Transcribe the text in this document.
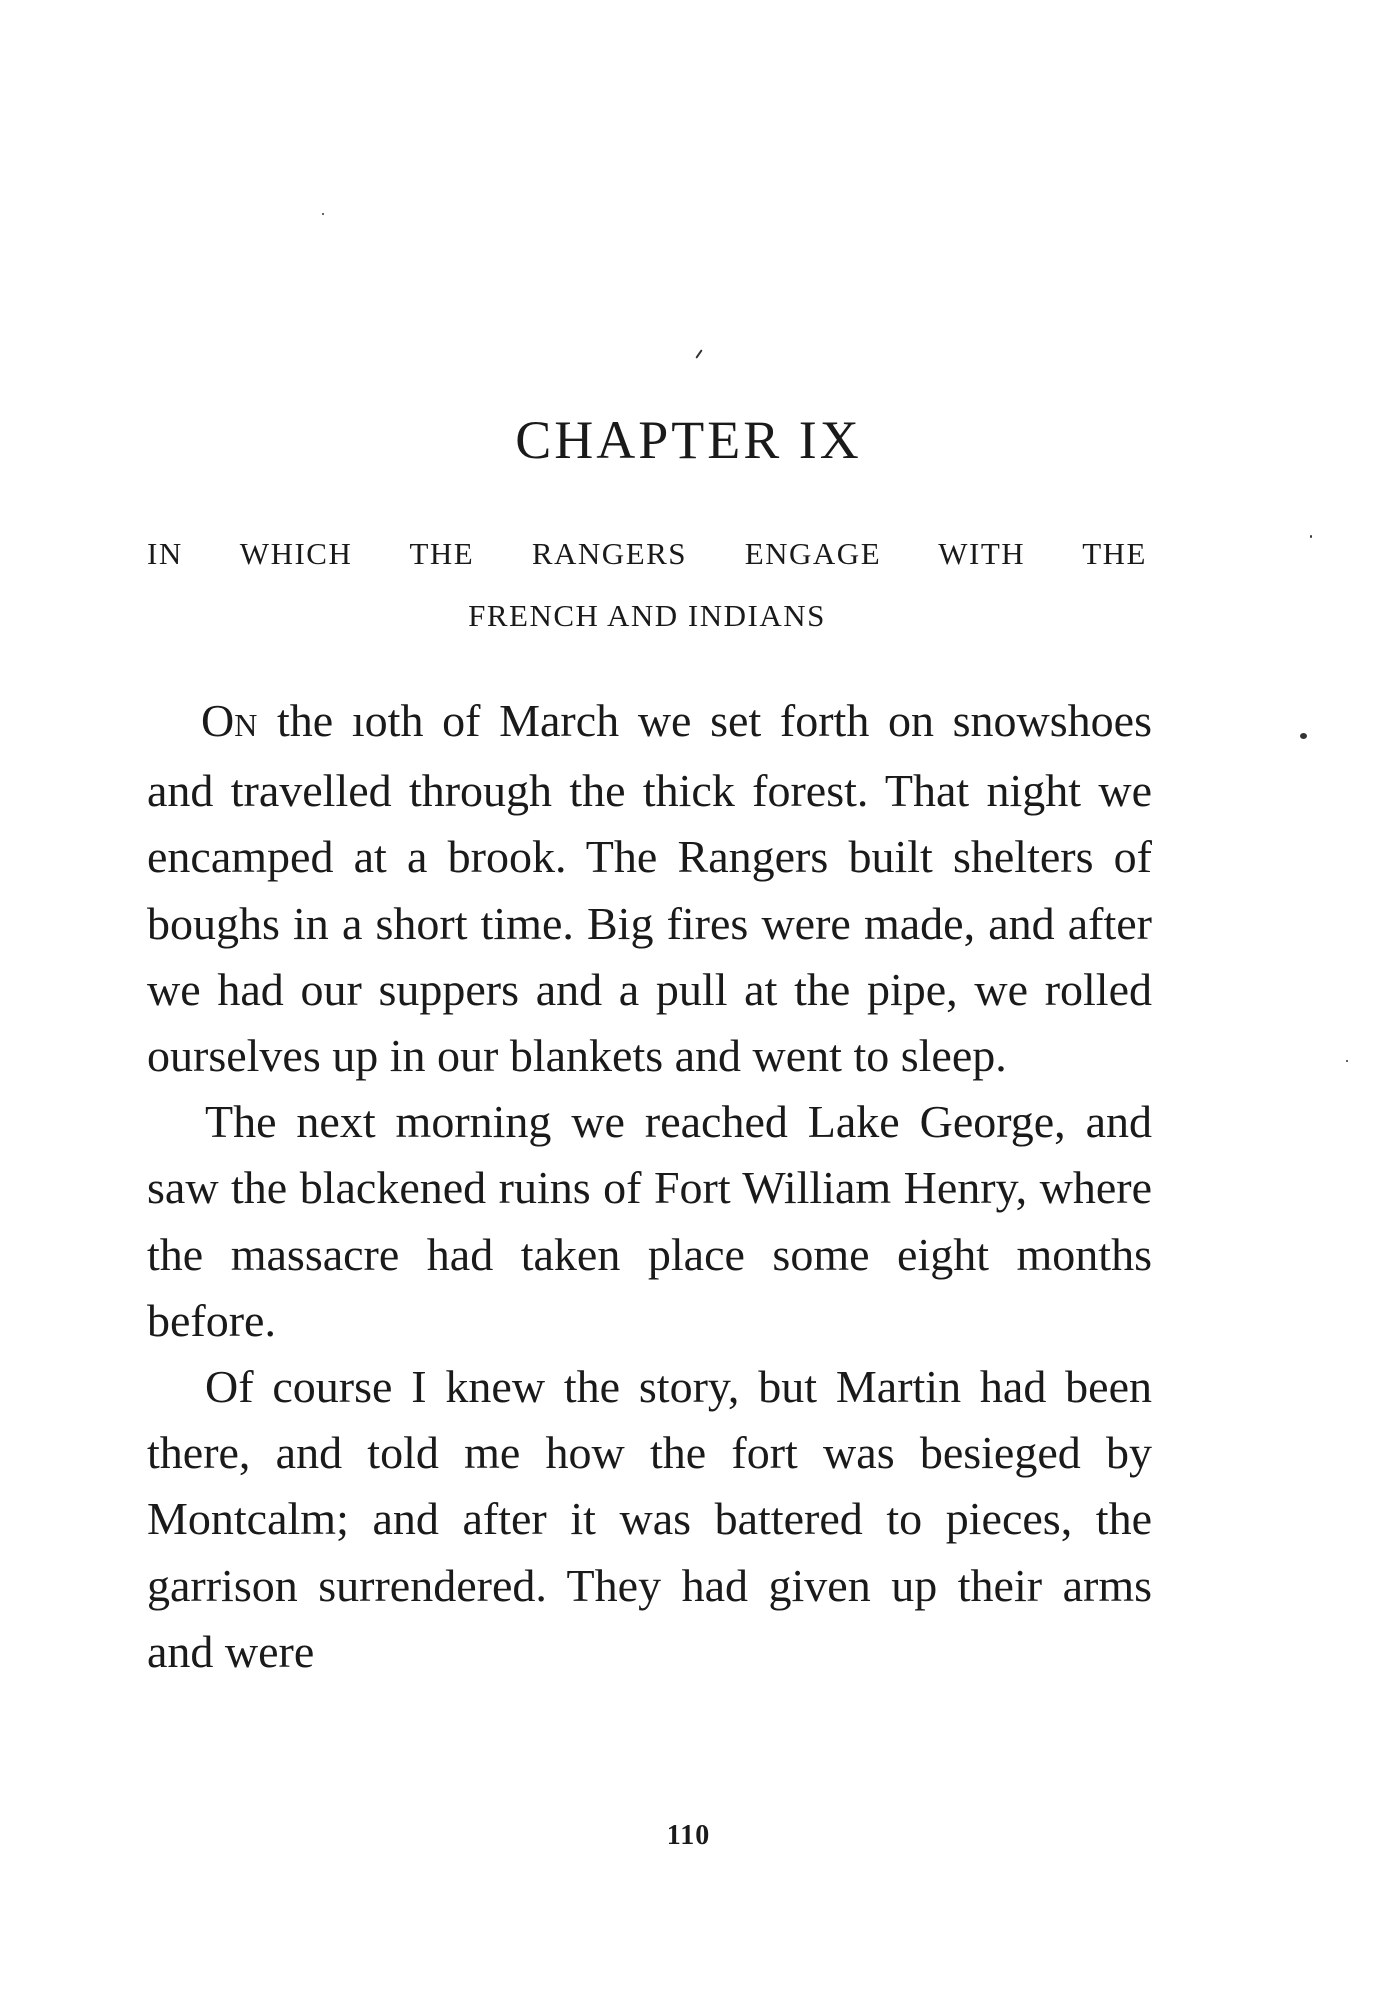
CHAPTER IX
IN WHICH THE RANGERS ENGAGE WITH THE
FRENCH AND INDIANS

ON the ıoth of March we set forth on snowshoes and travelled through the thick forest. That night we encamped at a brook. The Rangers built shelters of boughs in a short time. Big fires were made, and after we had our suppers and a pull at the pipe, we rolled ourselves up in our blankets and went to sleep.

The next morning we reached Lake George, and saw the blackened ruins of Fort William Henry, where the massacre had taken place some eight months before.

Of course I knew the story, but Martin had been there, and told me how the fort was besieged by Montcalm; and after it was battered to pieces, the garrison surrendered. They had given up their arms and were

110
